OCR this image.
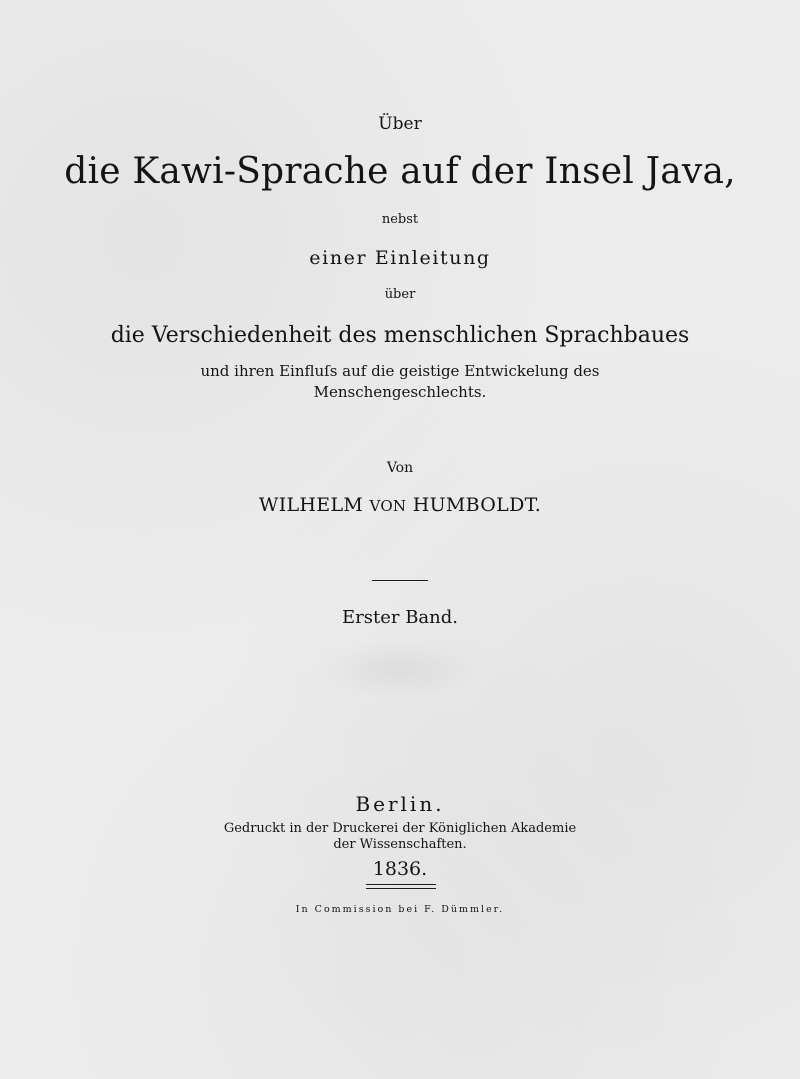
Über
die Kawi-Sprache auf der Insel Java,
nebst
einer Einleitung
über
die Verschiedenheit des menschlichen Sprachbaues
und ihren Einfluſs auf die geistige Entwickelung des
Menschengeschlechts.
Von
WILHELM VON HUMBOLDT.
Erster Band.
Berlin.
Gedruckt in der Druckerei der Königlichen Akademie
der Wissenschaften.
1836.
In Commission bei F. Dümmler.
